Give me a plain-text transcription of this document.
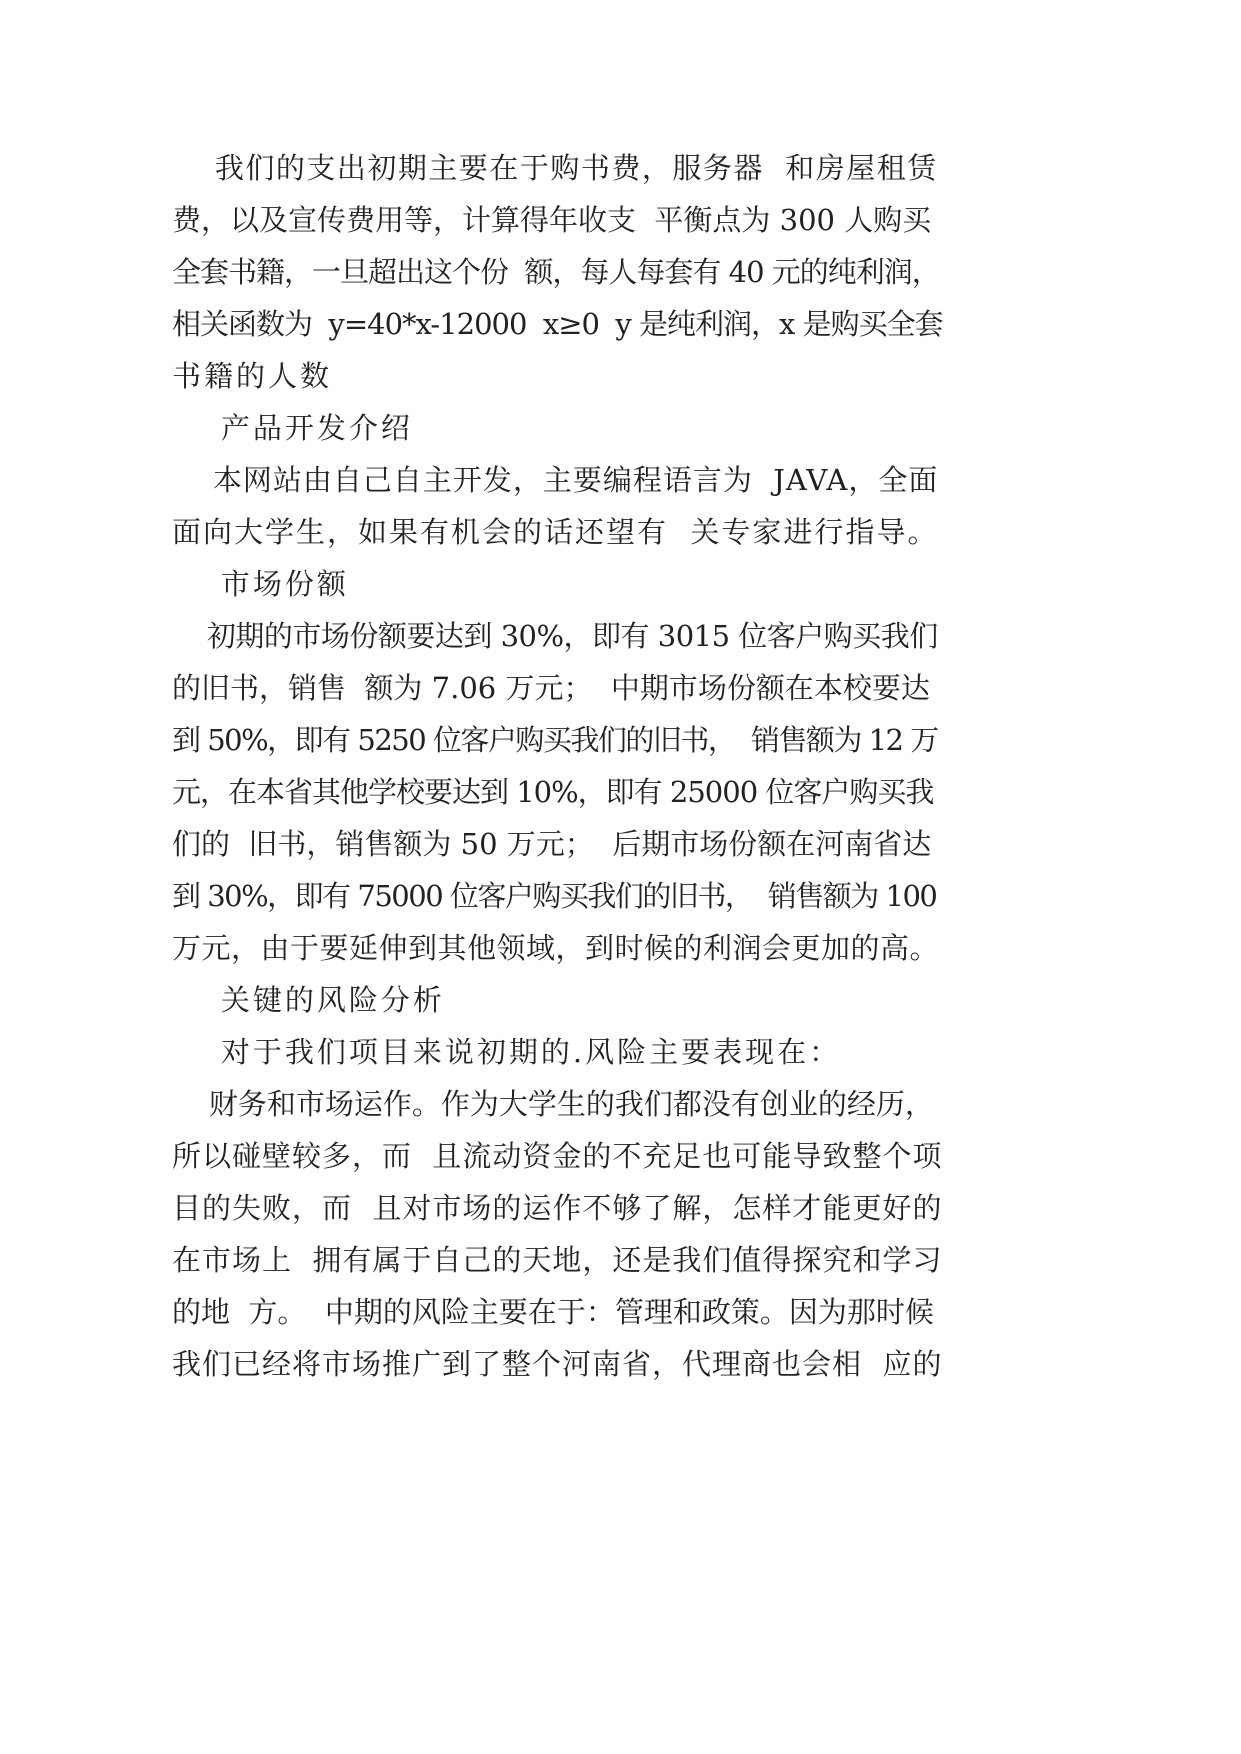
我们的支出初期主要在于购书费，服务器  和房屋租赁
费，以及宣传费用等，计算得年收支  平衡点为 300 人购买
全套书籍，一旦超出这个份  额，每人每套有 40 元的纯利润，
相关函数为  y=40*x-12000  x≥0  y 是纯利润，x 是购买全套
书籍的人数
产品开发介绍
本网站由自己自主开发，主要编程语言为  JAVA，全面
面向大学生，如果有机会的话还望有  关专家进行指导。
市场份额
初期的市场份额要达到 30%，即有 3015 位客户购买我们
的旧书，销售  额为 7.06 万元；  中期市场份额在本校要达
到 50%，即有 5250 位客户购买我们的旧书，  销售额为 12 万
元，在本省其他学校要达到 10%，即有 25000 位客户购买我
们的  旧书，销售额为 50 万元；  后期市场份额在河南省达
到 30%，即有 75000 位客户购买我们的旧书，  销售额为 100
万元，由于要延伸到其他领域，到时候的利润会更加的高。
关键的风险分析
对于我们项目来说初期的.风险主要表现在：
财务和市场运作。作为大学生的我们都没有创业的经历，
所以碰壁较多，而  且流动资金的不充足也可能导致整个项
目的失败，而  且对市场的运作不够了解，怎样才能更好的
在市场上  拥有属于自己的天地，还是我们值得探究和学习
的地  方。  中期的风险主要在于：管理和政策。因为那时候
我们已经将市场推广到了整个河南省，代理商也会相  应的
